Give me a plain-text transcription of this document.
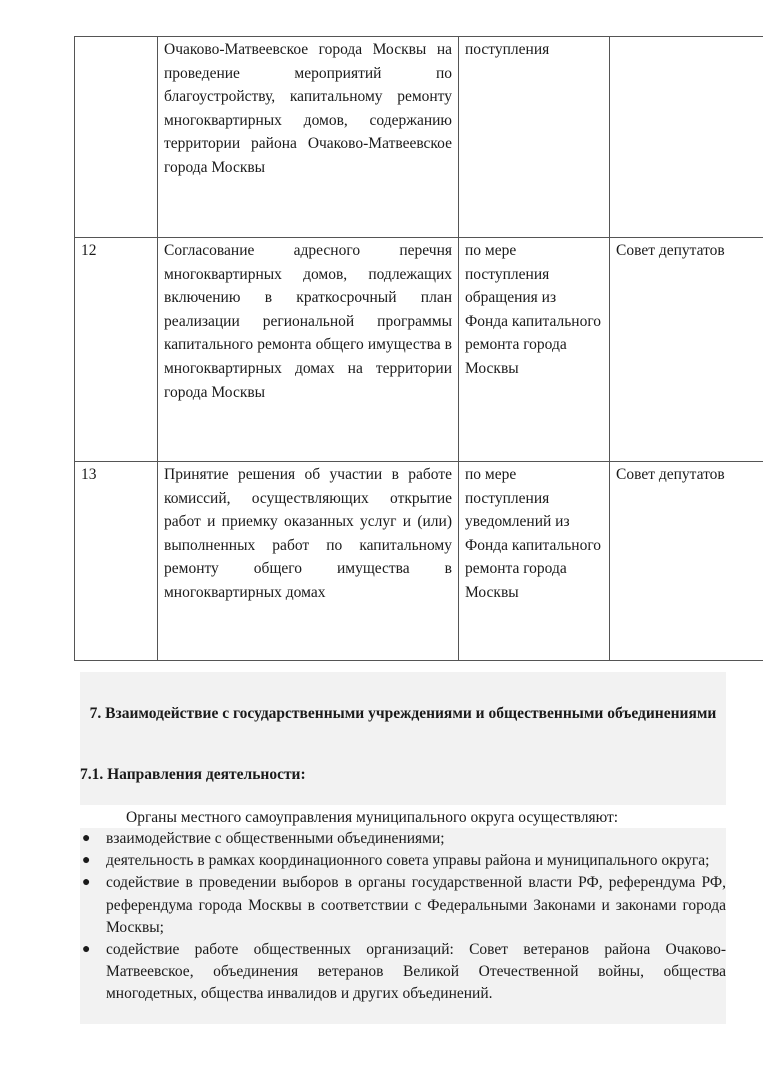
	Очаково-Матвеевское города Москвы на проведение мероприятий по благоустройству, капитальному ремонту многоквартирных домов, содержанию территории района Очаково-Матвеевское города Москвы	поступления	
12	Согласование адресного перечня многоквартирных домов, подлежащих включению в краткосрочный план реализации региональной программы капитального ремонта общего имущества в многоквартирных домах на территории города Москвы	по мере поступления обращения из Фонда капитального ремонта города Москвы	Совет депутатов
13	Принятие решения об участии в работе комиссий, осуществляющих открытие работ и приемку оказанных услуг и (или) выполненных работ по капитальному ремонту общего имущества в многоквартирных домах	по мере поступления уведомлений из Фонда капитального ремонта города Москвы	Совет депутатов
7. Взаимодействие с государственными учреждениями и общественными объединениями
7.1. Направления деятельности:
Органы местного самоуправления муниципального округа осуществляют:
● взаимодействие с общественными объединениями;
● деятельность в рамках координационного совета управы района и муниципального округа;
● содействие в проведении выборов в органы государственной власти РФ, референдума РФ, референдума города Москвы в соответствии с Федеральными Законами и законами города Москвы;
● содействие работе общественных организаций: Совет ветеранов района Очаково-Матвеевское, объединения ветеранов Великой Отечественной войны, общества многодетных, общества инвалидов и других объединений.
